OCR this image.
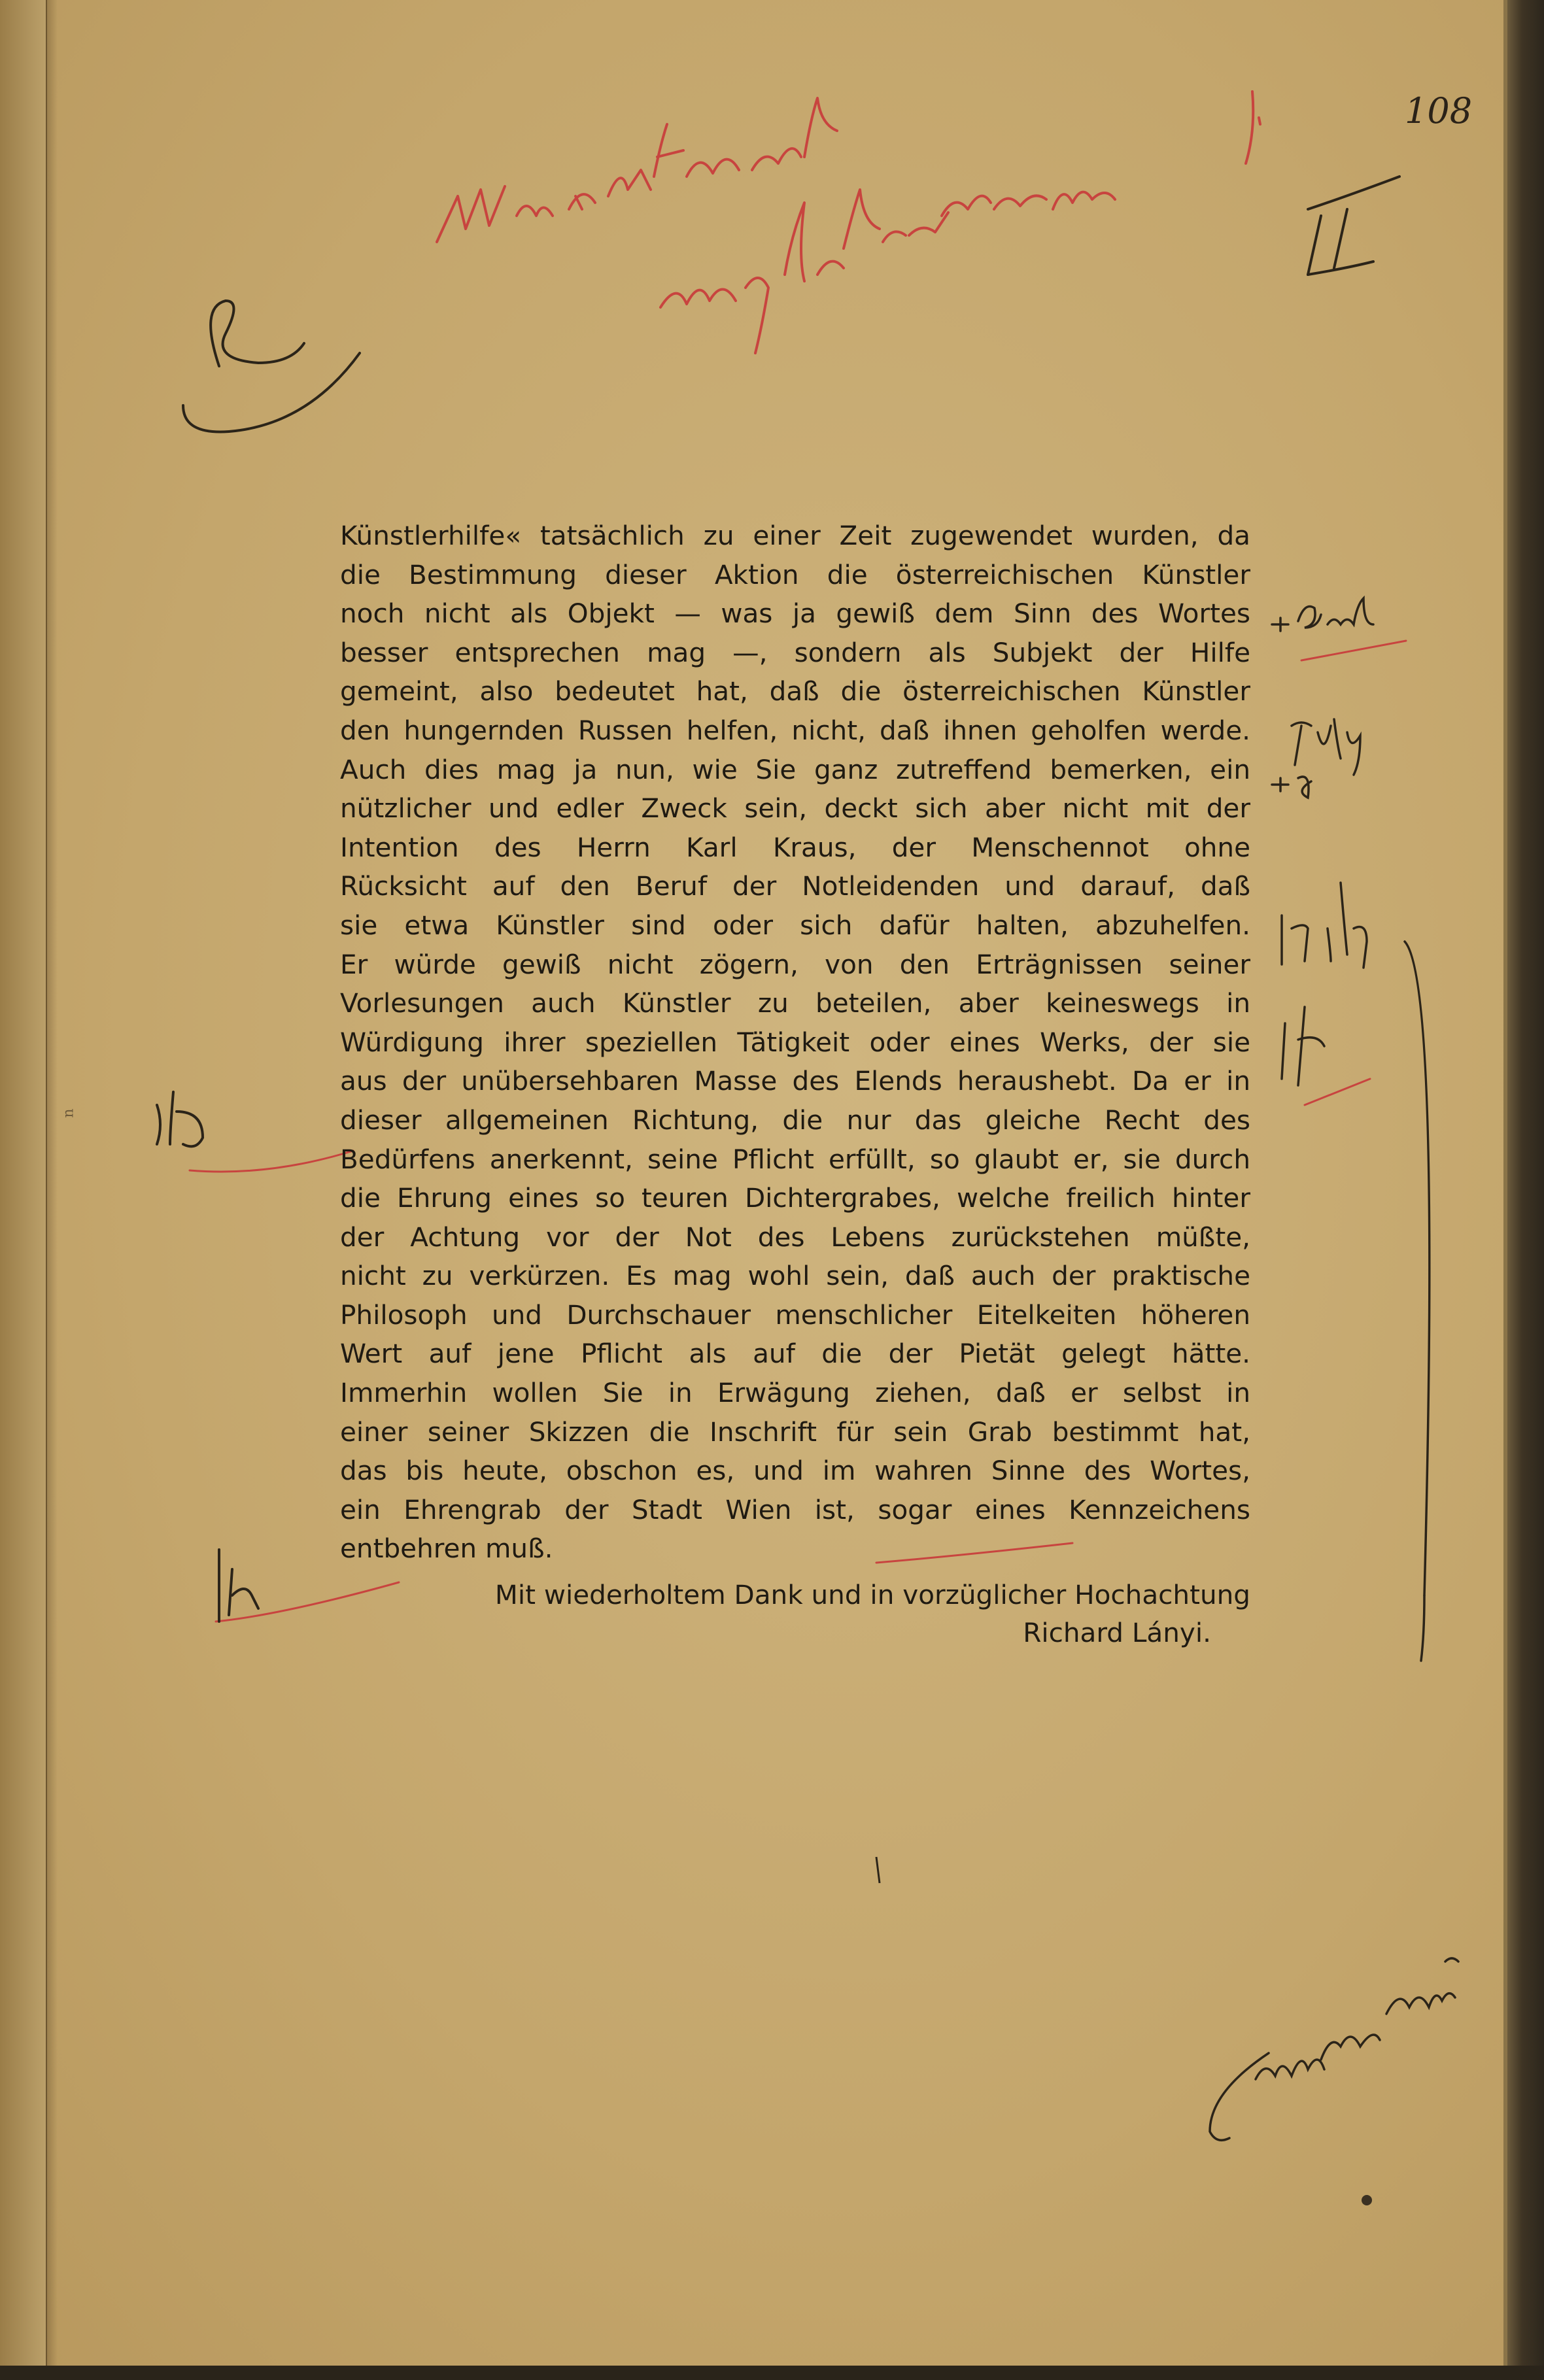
108
n
Künstlerhilfe« tatsächlich zu einer Zeit zugewendet wurden, da
die Bestimmung dieser Aktion die österreichischen Künstler
noch nicht als Objekt — was ja gewiß dem Sinn des Wortes
besser entsprechen mag —, sondern als Subjekt der Hilfe
gemeint, also bedeutet hat, daß die österreichischen Künstler
den hungernden Russen helfen, nicht, daß ihnen geholfen werde.
Auch dies mag ja nun, wie Sie ganz zutreffend bemerken, ein
nützlicher und edler Zweck sein, deckt sich aber nicht mit der
Intention des Herrn Karl Kraus, der Menschennot ohne
Rücksicht auf den Beruf der Notleidenden und darauf, daß
sie etwa Künstler sind oder sich dafür halten, abzuhelfen.
Er würde gewiß nicht zögern, von den Erträgnissen seiner
Vorlesungen auch Künstler zu beteilen, aber keineswegs in
Würdigung ihrer speziellen Tätigkeit oder eines Werks, der sie
aus der unübersehbaren Masse des Elends heraushebt. Da er in
dieser allgemeinen Richtung, die nur das gleiche Recht des
Bedürfens anerkennt, seine Pflicht erfüllt, so glaubt er, sie durch
die Ehrung eines so teuren Dichtergrabes, welche freilich hinter
der Achtung vor der Not des Lebens zurückstehen müßte,
nicht zu verkürzen. Es mag wohl sein, daß auch der praktische
Philosoph und Durchschauer menschlicher Eitelkeiten höheren
Wert auf jene Pflicht als auf die der Pietät gelegt hätte.
Immerhin wollen Sie in Erwägung ziehen, daß er selbst in
einer seiner Skizzen die Inschrift für sein Grab bestimmt hat,
das bis heute, obschon es, und im wahren Sinne des Wortes,
ein Ehrengrab der Stadt Wien ist, sogar eines Kennzeichens
entbehren muß.
Mit wiederholtem Dank und in vorzüglicher Hochachtung
Richard Lányi.
